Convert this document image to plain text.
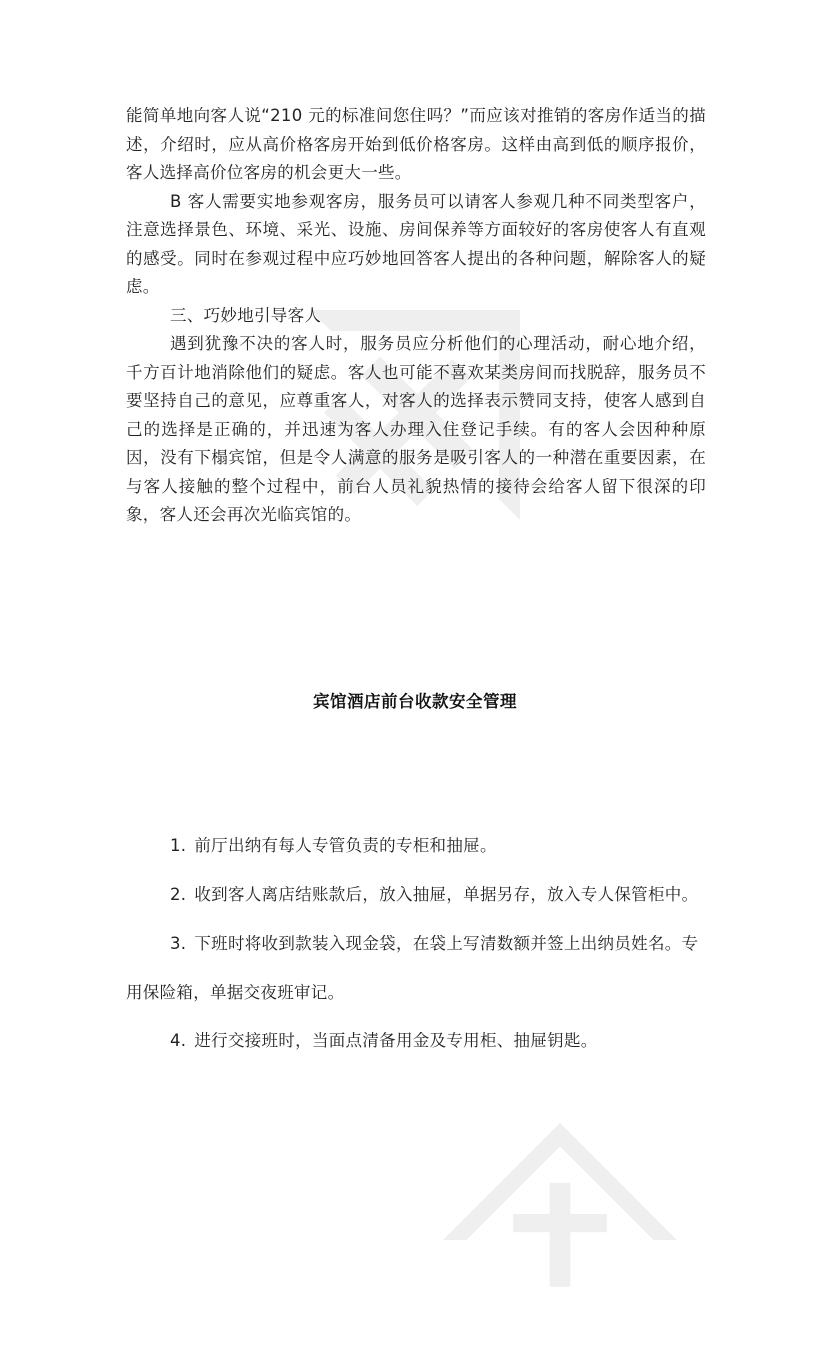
能简单地向客人说“210 元的标准间您住吗？”而应该对推销的客房作适当的描述，介绍时，应从高价格客房开始到低价格客房。这样由高到低的顺序报价，客人选择高价位客房的机会更大一些。

B 客人需要实地参观客房，服务员可以请客人参观几种不同类型客户，注意选择景色、环境、采光、设施、房间保养等方面较好的客房使客人有直观的感受。同时在参观过程中应巧妙地回答客人提出的各种问题，解除客人的疑虑。

三、巧妙地引导客人

遇到犹豫不决的客人时，服务员应分析他们的心理活动，耐心地介绍，千方百计地消除他们的疑虑。客人也可能不喜欢某类房间而找脱辞，服务员不要坚持自己的意见，应尊重客人，对客人的选择表示赞同支持，使客人感到自己的选择是正确的，并迅速为客人办理入住登记手续。有的客人会因种种原因，没有下榻宾馆，但是令人满意的服务是吸引客人的一种潜在重要因素，在与客人接触的整个过程中，前台人员礼貌热情的接待会给客人留下很深的印象，客人还会再次光临宾馆的。

宾馆酒店前台收款安全管理
1. 前厅出纳有每人专管负责的专柜和抽屉。
2. 收到客人离店结账款后，放入抽屉，单据另存，放入专人保管柜中。
3. 下班时将收到款装入现金袋，在袋上写清数额并签上出纳员姓名。专
用保险箱，单据交夜班审记。
4. 进行交接班时，当面点清备用金及专用柜、抽屉钥匙。
